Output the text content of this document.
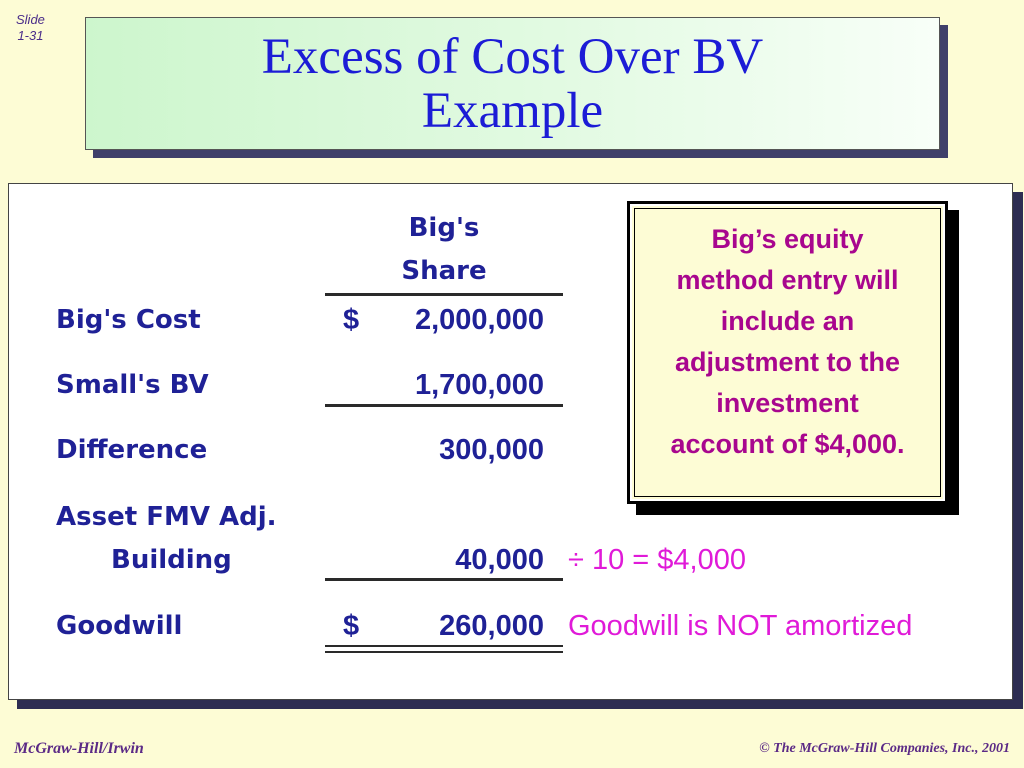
Slide
1-31	Excess of Cost Over BV
Example
Big's
Share
Big's Cost	$	2,000,000
Small's BV	1,700,000
Difference	300,000
Asset FMV Adj.
Building	40,000 ÷ 10 = $4,000
Goodwill	$	260,000 Goodwill is NOT amortized
Big’s equity
method entry will
include an
adjustment to the
investment
account of $4,000.
McGraw-Hill/Irwin	© The McGraw-Hill Companies, Inc., 2001
